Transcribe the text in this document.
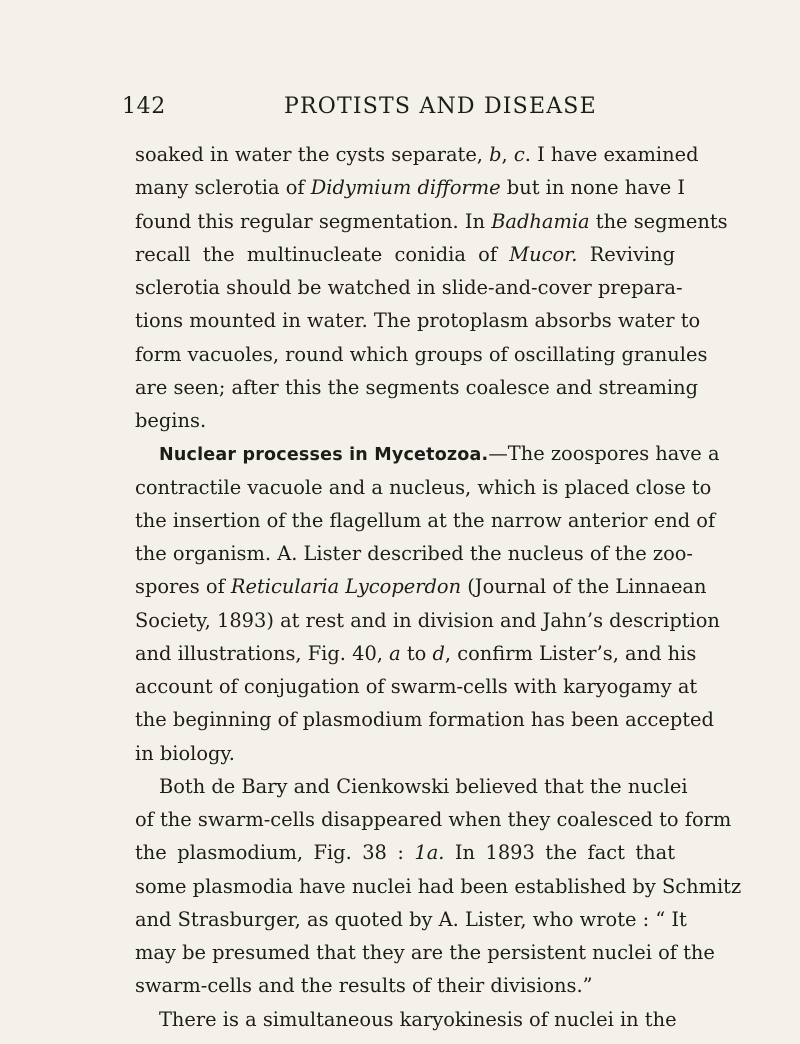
142	PROTISTS AND DISEASE
soaked in water the cysts separate, b, c. I have examined
many sclerotia of Didymium difforme but in none have I
found this regular segmentation. In Badhamia the segments
recall the multinucleate conidia of Mucor. Reviving
sclerotia should be watched in slide-and-cover prepara-
tions mounted in water. The protoplasm absorbs water to
form vacuoles, round which groups of oscillating granules
are seen; after this the segments coalesce and streaming
begins.
Nuclear processes in Mycetozoa.—The zoospores have a
contractile vacuole and a nucleus, which is placed close to
the insertion of the flagellum at the narrow anterior end of
the organism. A. Lister described the nucleus of the zoo-
spores of Reticularia Lycoperdon (Journal of the Linnaean
Society, 1893) at rest and in division and Jahn’s description
and illustrations, Fig. 40, a to d, confirm Lister’s, and his
account of conjugation of swarm-cells with karyogamy at
the beginning of plasmodium formation has been accepted
in biology.
Both de Bary and Cienkowski believed that the nuclei
of the swarm-cells disappeared when they coalesced to form
the plasmodium, Fig. 38 : 1a. In 1893 the fact that
some plasmodia have nuclei had been established by Schmitz
and Strasburger, as quoted by A. Lister, who wrote : “ It
may be presumed that they are the persistent nuclei of the
swarm-cells and the results of their divisions.”
There is a simultaneous karyokinesis of nuclei in the
